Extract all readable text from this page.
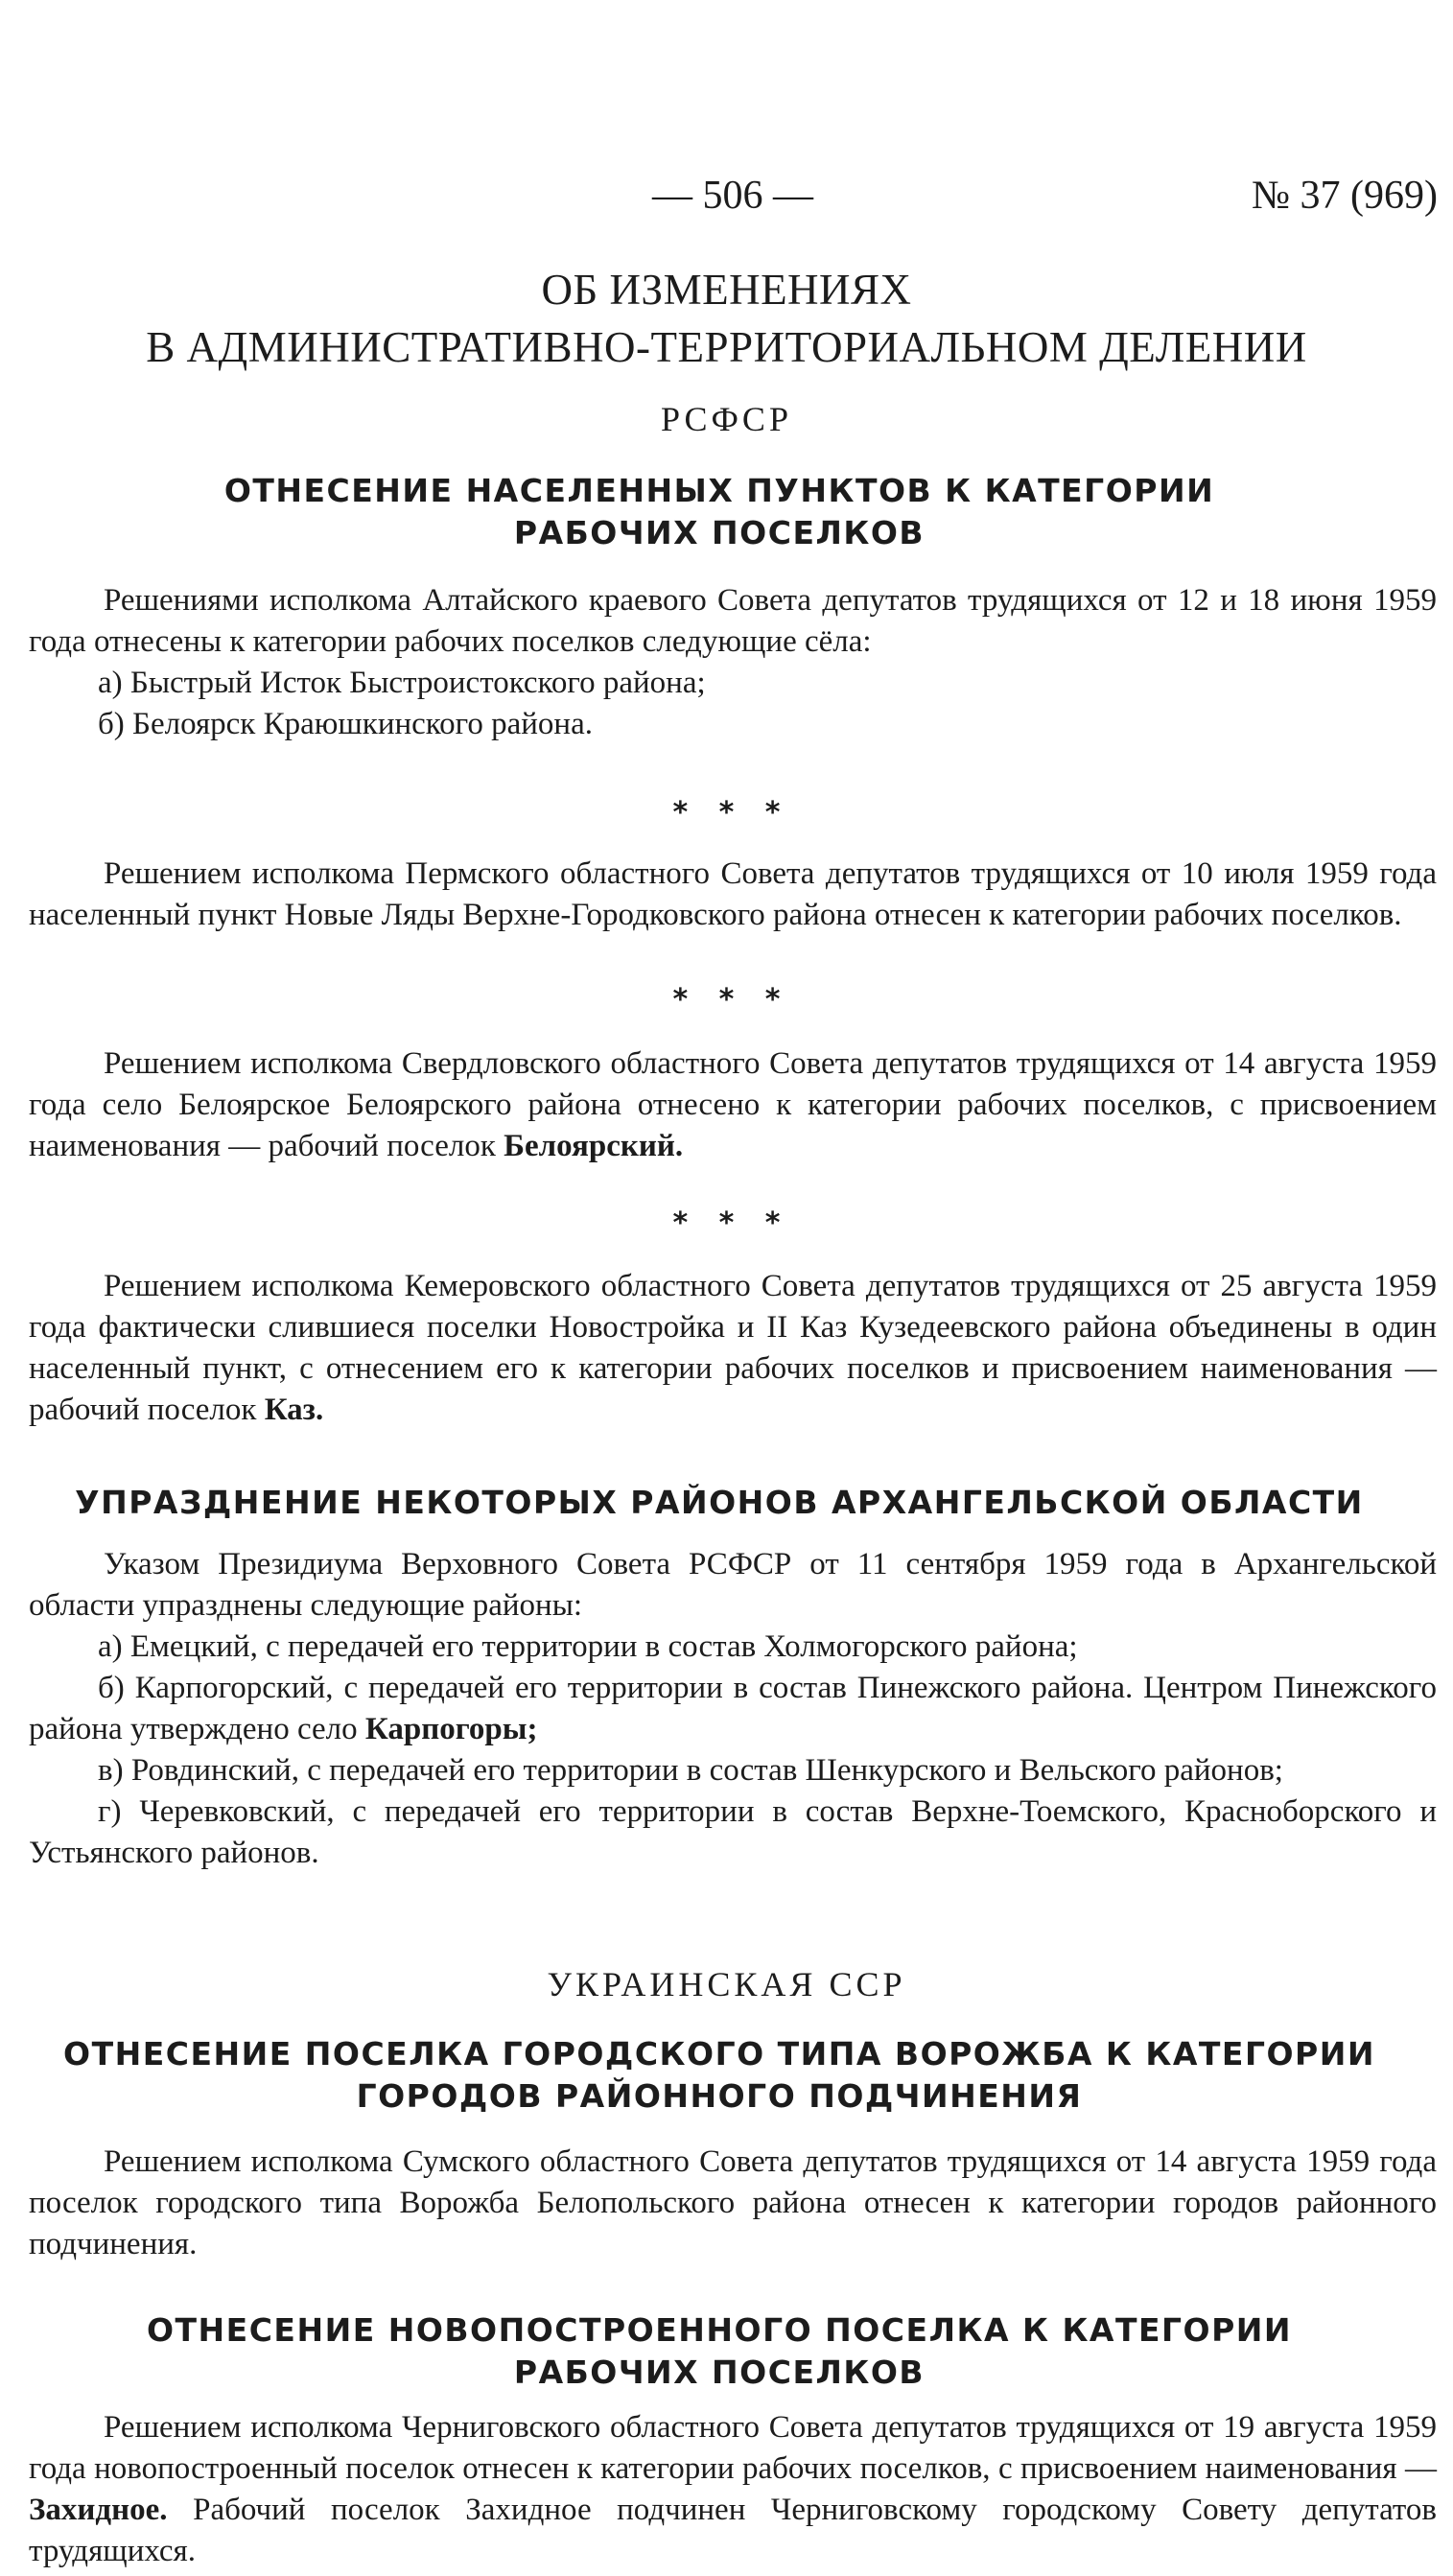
— 506 —	№ 37 (969)
ОБ ИЗМЕНЕНИЯХ
В АДМИНИСТРАТИВНО-ТЕРРИТОРИАЛЬНОМ ДЕЛЕНИИ
РСФСР
ОТНЕСЕНИЕ НАСЕЛЕННЫХ ПУНКТОВ К КАТЕГОРИИ
РАБОЧИХ ПОСЕЛКОВ

Решениями исполкома Алтайского краевого Совета депутатов трудящихся от 12 и 18 июня 1959 года отнесены к категории рабочих поселков следующие сёла:

а) Быстрый Исток Быстроистокского района;

б) Белоярск Краюшкинского района.

* * *

Решением исполкома Пермского областного Совета депутатов трудящихся от 10 июля 1959 года населенный пункт Новые Ляды Верхне-Городковского района отнесен к категории рабочих поселков.

* * *

Решением исполкома Свердловского областного Совета депутатов трудящихся от 14 августа 1959 года село Белоярское Белоярского района отнесено к категории рабочих поселков, с присвоением наименования — рабочий поселок Белоярский.

* * *

Решением исполкома Кемеровского областного Совета депутатов трудящихся от 25 августа 1959 года фактически слившиеся поселки Новостройка и II Каз Кузедеевского района объединены в один населенный пункт, с отнесением его к категории рабочих поселков и присвоением наименования — рабочий поселок Каз.

УПРАЗДНЕНИЕ НЕКОТОРЫХ РАЙОНОВ АРХАНГЕЛЬСКОЙ ОБЛАСТИ

Указом Президиума Верховного Совета РСФСР от 11 сентября 1959 года в Архангельской области упразднены следующие районы:

а) Емецкий, с передачей его территории в состав Холмогорского района;

б) Карпогорский, с передачей его территории в состав Пинежского района. Центром Пинежского района утверждено село Карпогоры;

в) Ровдинский, с передачей его территории в состав Шенкурского и Вельского районов;

г) Черевковский, с передачей его территории в состав Верхне-Тоемского, Красноборского и Устьянского районов.

УКРАИНСКАЯ ССР
ОТНЕСЕНИЕ ПОСЕЛКА ГОРОДСКОГО ТИПА ВОРОЖБА К КАТЕГОРИИ
ГОРОДОВ РАЙОННОГО ПОДЧИНЕНИЯ

Решением исполкома Сумского областного Совета депутатов трудящихся от 14 августа 1959 года поселок городского типа Ворожба Белопольского района отнесен к категории городов районного подчинения.

ОТНЕСЕНИЕ НОВОПОСТРОЕННОГО ПОСЕЛКА К КАТЕГОРИИ
РАБОЧИХ ПОСЕЛКОВ

Решением исполкома Черниговского областного Совета депутатов трудящихся от 19 августа 1959 года новопостроенный поселок отнесен к категории рабочих поселков, с присвоением наименования — Захидное. Рабочий поселок Захидное подчинен Черниговскому городскому Совету депутатов трудящихся.
